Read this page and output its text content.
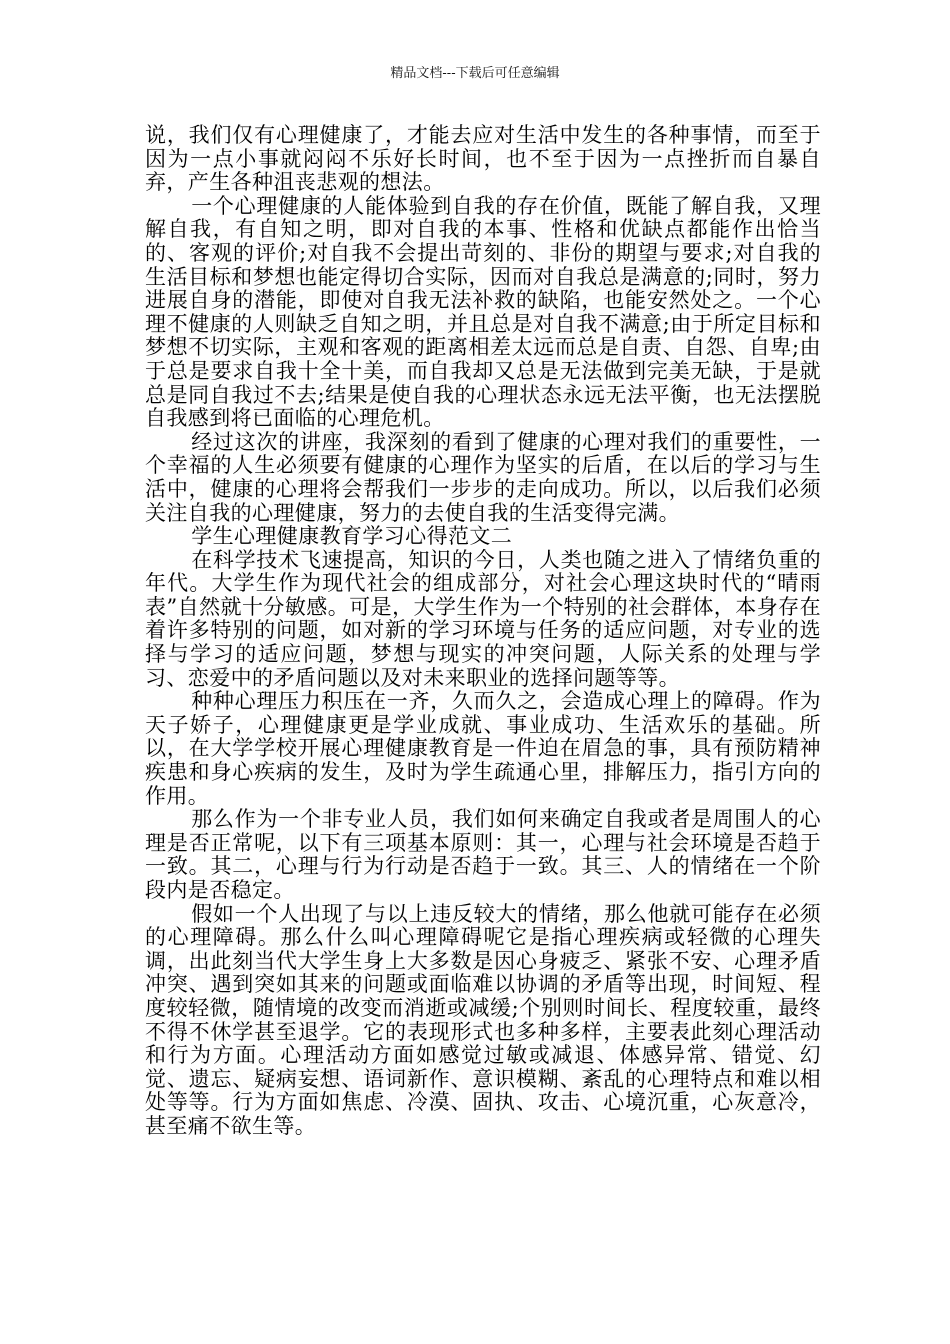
精品文档---下载后可任意编辑

说，我们仅有心理健康了，才能去应对生活中发生的各种事情，而至于因为一点小事就闷闷不乐好长时间，也不至于因为一点挫折而自暴自弃，产生各种沮丧悲观的想法。

一个心理健康的人能体验到自我的存在价值，既能了解自我，又理解自我，有自知之明，即对自我的本事、性格和优缺点都能作出恰当的、客观的评价;对自我不会提出苛刻的、非份的期望与要求;对自我的生活目标和梦想也能定得切合实际，因而对自我总是满意的;同时，努力进展自身的潜能，即使对自我无法补救的缺陷，也能安然处之。一个心理不健康的人则缺乏自知之明，并且总是对自我不满意;由于所定目标和梦想不切实际，主观和客观的距离相差太远而总是自责、自怨、自卑;由于总是要求自我十全十美，而自我却又总是无法做到完美无缺，于是就总是同自我过不去;结果是使自我的心理状态永远无法平衡，也无法摆脱自我感到将已面临的心理危机。

经过这次的讲座，我深刻的看到了健康的心理对我们的重要性，一个幸福的人生必须要有健康的心理作为坚实的后盾，在以后的学习与生活中，健康的心理将会帮我们一步步的走向成功。所以，以后我们必须关注自我的心理健康，努力的去使自我的生活变得完满。

学生心理健康教育学习心得范文二

在科学技术飞速提高，知识的今日，人类也随之进入了情绪负重的年代。大学生作为现代社会的组成部分，对社会心理这块时代的“晴雨表”自然就十分敏感。可是，大学生作为一个特别的社会群体，本身存在着许多特别的问题，如对新的学习环境与任务的适应问题，对专业的选择与学习的适应问题，梦想与现实的冲突问题，人际关系的处理与学习、恋爱中的矛盾问题以及对未来职业的选择问题等等。

种种心理压力积压在一齐，久而久之，会造成心理上的障碍。作为天子娇子，心理健康更是学业成就、事业成功、生活欢乐的基础。所以，在大学学校开展心理健康教育是一件迫在眉急的事，具有预防精神疾患和身心疾病的发生，及时为学生疏通心里，排解压力，指引方向的作用。

那么作为一个非专业人员，我们如何来确定自我或者是周围人的心理是否正常呢，以下有三项基本原则：其一，心理与社会环境是否趋于一致。其二，心理与行为行动是否趋于一致。其三、人的情绪在一个阶段内是否稳定。

假如一个人出现了与以上违反较大的情绪，那么他就可能存在必须的心理障碍。那么什么叫心理障碍呢它是指心理疾病或轻微的心理失调，出此刻当代大学生身上大多数是因心身疲乏、紧张不安、心理矛盾冲突、遇到突如其来的问题或面临难以协调的矛盾等出现，时间短、程度较轻微，随情境的改变而消逝或减缓;个别则时间长、程度较重，最终不得不休学甚至退学。它的表现形式也多种多样，主要表此刻心理活动和行为方面。心理活动方面如感觉过敏或减退、体感异常、错觉、幻觉、遗忘、疑病妄想、语词新作、意识模糊、紊乱的心理特点和难以相处等等。行为方面如焦虑、冷漠、固执、攻击、心境沉重，心灰意冷，甚至痛不欲生等。
